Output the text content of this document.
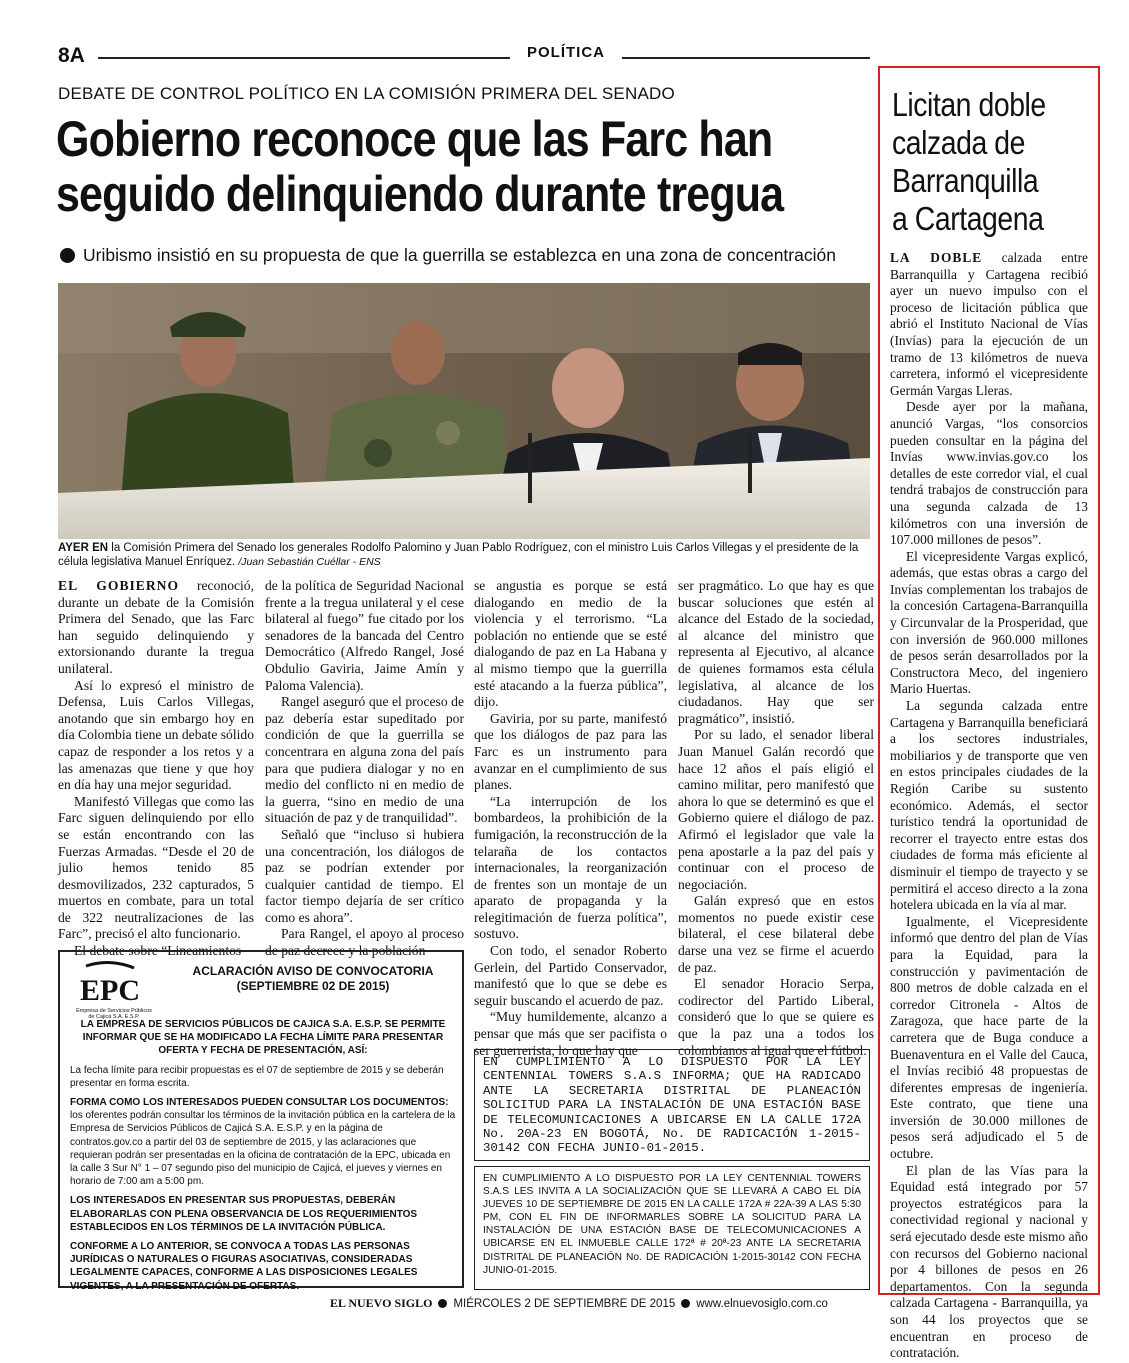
8A	POLÍTICA
DEBATE DE CONTROL POLÍTICO EN LA COMISIÓN PRIMERA DEL SENADO
Gobierno reconoce que las Farc han
seguido delinquiendo durante tregua
Uribismo insistió en su propuesta de que la guerrilla se establezca en una zona de concentración
AYER EN la Comisión Primera del Senado los generales Rodolfo Palomino y Juan Pablo Rodríguez, con el ministro Luis Carlos Villegas y el presidente de la célula legislativa Manuel Enríquez. /Juan Sebastián Cuéllar - ENS

EL GOBIERNO reconoció, durante un debate de la Comisión Primera del Senado, que las Farc han seguido delinquiendo y extorsionando durante la tregua unilateral.

Así lo expresó el ministro de Defensa, Luis Carlos Villegas, anotando que sin embargo hoy en día Colombia tiene un debate sólido capaz de responder a los retos y a las amenazas que tiene y que hoy en día hay una mejor seguridad.

Manifestó Villegas que como las Farc siguen delinquiendo por ello se están encontrando con las Fuerzas Armadas. “Desde el 20 de julio hemos tenido 85 desmovilizados, 232 capturados, 5 muertos en combate, para un total de 322 neutralizaciones de las Farc”, precisó el alto funcionario.

El debate sobre “Lineamientos

de la política de Seguridad Nacional frente a la tregua unilateral y el cese bilateral al fuego” fue citado por los senadores de la bancada del Centro Democrático (Alfredo Rangel, José Obdulio Gaviria, Jaime Amín y Paloma Valencia).

Rangel aseguró que el proceso de paz debería estar supeditado por condición de que la guerrilla se concentrara en alguna zona del país para que pudiera dialogar y no en medio del conflicto ni en medio de la guerra, “sino en medio de una situación de paz y de tranquilidad”.

Señaló que “incluso si hubiera una concentración, los diálogos de paz se podrían extender por cualquier cantidad de tiempo. El factor tiempo dejaría de ser crítico como es ahora”.

Para Rangel, el apoyo al proceso de paz decrece y la población

se angustia es porque se está dialogando en medio de la violencia y el terrorismo. “La población no entiende que se esté dialogando de paz en La Habana y al mismo tiempo que la guerrilla esté atacando a la fuerza pública”, dijo.

Gaviria, por su parte, manifestó que los diálogos de paz para las Farc es un instrumento para avanzar en el cumplimiento de sus planes.

“La interrupción de los bombardeos, la prohibición de la fumigación, la reconstrucción de la telaraña de los contactos internacionales, la reorganización de frentes son un montaje de un aparato de propaganda y la relegitimación de fuerza política”, sostuvo.

Con todo, el senador Roberto Gerlein, del Partido Conservador, manifestó que lo que se debe es seguir buscando el acuerdo de paz.

“Muy humildemente, alcanzo a pensar que más que ser pacifista o ser guerrerista, lo que hay que

ser pragmático. Lo que hay es que buscar soluciones que estén al alcance del Estado de la sociedad, al alcance del ministro que representa al Ejecutivo, al alcance de quienes formamos esta célula legislativa, al alcance de los ciudadanos. Hay que ser pragmático”, insistió.

Por su lado, el senador liberal Juan Manuel Galán recordó que hace 12 años el país eligió el camino militar, pero manifestó que ahora lo que se determinó es que el Gobierno quiere el diálogo de paz. Afirmó el legislador que vale la pena apostarle a la paz del país y continuar con el proceso de negociación.

Galán expresó que en estos momentos no puede existir cese bilateral, el cese bilateral debe darse una vez se firme el acuerdo de paz.

El senador Horacio Serpa, codirector del Partido Liberal, consideró que lo que se quiere es que la paz una a todos los colombianos al igual que el fútbol.

EPC
Empresa de Servicios Públicos de Cajicá S.A. E.S.P.
ACLARACIÓN AVISO DE CONVOCATORIA
(SEPTIEMBRE 02 DE 2015)
LA EMPRESA DE SERVICIOS PÚBLICOS DE CAJICA S.A. E.S.P. SE PERMITE INFORMAR QUE SE HA MODIFICADO LA FECHA LÍMITE PARA PRESENTAR OFERTA Y FECHA DE PRESENTACIÓN, ASÍ:

La fecha límite para recibir propuestas es el 07 de septiembre de 2015 y se deberán presentar en forma escrita.

FORMA COMO LOS INTERESADOS PUEDEN CONSULTAR LOS DOCUMENTOS: los oferentes podrán consultar los términos de la invitación pública en la cartelera de la Empresa de Servicios Públicos de Cajicá S.A. E.S.P. y en la página de contratos.gov.co a partir del 03 de septiembre de 2015, y las aclaraciones que requieran podrán ser presentadas en la oficina de contratación de la EPC, ubicada en la calle 3 Sur N° 1 – 07 segundo piso del municipio de Cajicá, el jueves y viernes en horario de 7:00 am a 5:00 pm.

LOS INTERESADOS EN PRESENTAR SUS PROPUESTAS, DEBERÁN ELABORARLAS CON PLENA OBSERVANCIA DE LOS REQUERIMIENTOS ESTABLECIDOS EN LOS TÉRMINOS DE LA INVITACIÓN PÚBLICA.

CONFORME A LO ANTERIOR, SE CONVOCA A TODAS LAS PERSONAS JURÍDICAS O NATURALES O FIGURAS ASOCIATIVAS, CONSIDERADAS LEGALMENTE CAPACES, CONFORME A LAS DISPOSICIONES LEGALES VIGENTES, A LA PRESENTACIÓN DE OFERTAS.

EN CUMPLIMIENTO A LO DISPUESTO POR LA LEY CENTENNIAL TOWERS S.A.S INFORMA; QUE HA RADICADO ANTE LA SECRETARIA DISTRITAL DE PLANEACIÓN SOLICITUD PARA LA INSTALACIÓN DE UNA ESTACIÓN BASE DE TELECOMUNICACIONES A UBICARSE EN LA CALLE 172A No. 20A-23 EN BOGOTÁ, No. DE RADICACIÓN 1-2015-30142 CON FECHA JUNIO-01-2015.
EN CUMPLIMIENTO A LO DISPUESTO POR LA LEY CENTENNIAL TOWERS S.A.S LES INVITA A LA SOCIALIZACIÓN QUE SE LLEVARÁ A CABO EL DÍA JUEVES 10 DE SEPTIEMBRE DE 2015 EN LA CALLE 172A # 22A-39 A LAS 5:30 PM, CON EL FIN DE INFORMARLES SOBRE LA SOLICITUD PARA LA INSTALACIÓN DE UNA ESTACIÓN BASE DE TELECOMUNICACIONES A UBICARSE EN EL INMUEBLE CALLE 172ª # 20ª-23 ANTE LA SECRETARIA DISTRITAL DE PLANEACIÓN No. DE RADICACIÓN 1-2015-30142 CON FECHA JUNIO-01-2015.
EL NUEVO SIGLO MIÉRCOLES 2 DE SEPTIEMBRE DE 2015 www.elnuevosiglo.com.co
Licitan doble
calzada de
Barranquilla
a Cartagena

LA DOBLE calzada entre Barranquilla y Cartagena recibió ayer un nuevo impulso con el proceso de licitación pública que abrió el Instituto Nacional de Vías (Invías) para la ejecución de un tramo de 13 kilómetros de nueva carretera, informó el vicepresidente Germán Vargas Lleras.

Desde ayer por la mañana, anunció Vargas, “los consorcios pueden consultar en la página del Invías www.invias.gov.co los detalles de este corredor vial, el cual tendrá trabajos de construcción para una segunda calzada de 13 kilómetros con una inversión de 107.000 millones de pesos”.

El vicepresidente Vargas explicó, además, que estas obras a cargo del Invías complementan los trabajos de la concesión Cartagena-Barranquilla y Circunvalar de la Prosperidad, que con inversión de 960.000 millones de pesos serán desarrollados por la Constructora Meco, del ingeniero Mario Huertas.

La segunda calzada entre Cartagena y Barranquilla beneficiará a los sectores industriales, mobiliarios y de transporte que ven en estos principales ciudades de la Región Caribe su sustento económico. Además, el sector turístico tendrá la oportunidad de recorrer el trayecto entre estas dos ciudades de forma más eficiente al disminuir el tiempo de trayecto y se permitirá el acceso directo a la zona hotelera ubicada en la vía al mar.

Igualmente, el Vicepresidente informó que dentro del plan de Vías para la Equidad, para la construcción y pavimentación de 800 metros de doble calzada en el corredor Citronela - Altos de Zaragoza, que hace parte de la carretera que de Buga conduce a Buenaventura en el Valle del Cauca, el Invías recibió 48 propuestas de diferentes empresas de ingeniería. Este contrato, que tiene una inversión de 30.000 millones de pesos será adjudicado el 5 de octubre.

El plan de las Vías para la Equidad está integrado por 57 proyectos estratégicos para la conectividad regional y nacional y será ejecutado desde este mismo año con recursos del Gobierno nacional por 4 billones de pesos en 26 departamentos. Con la segunda calzada Cartagena - Barranquilla, ya son 44 los proyectos que se encuentran en proceso de contratación.
